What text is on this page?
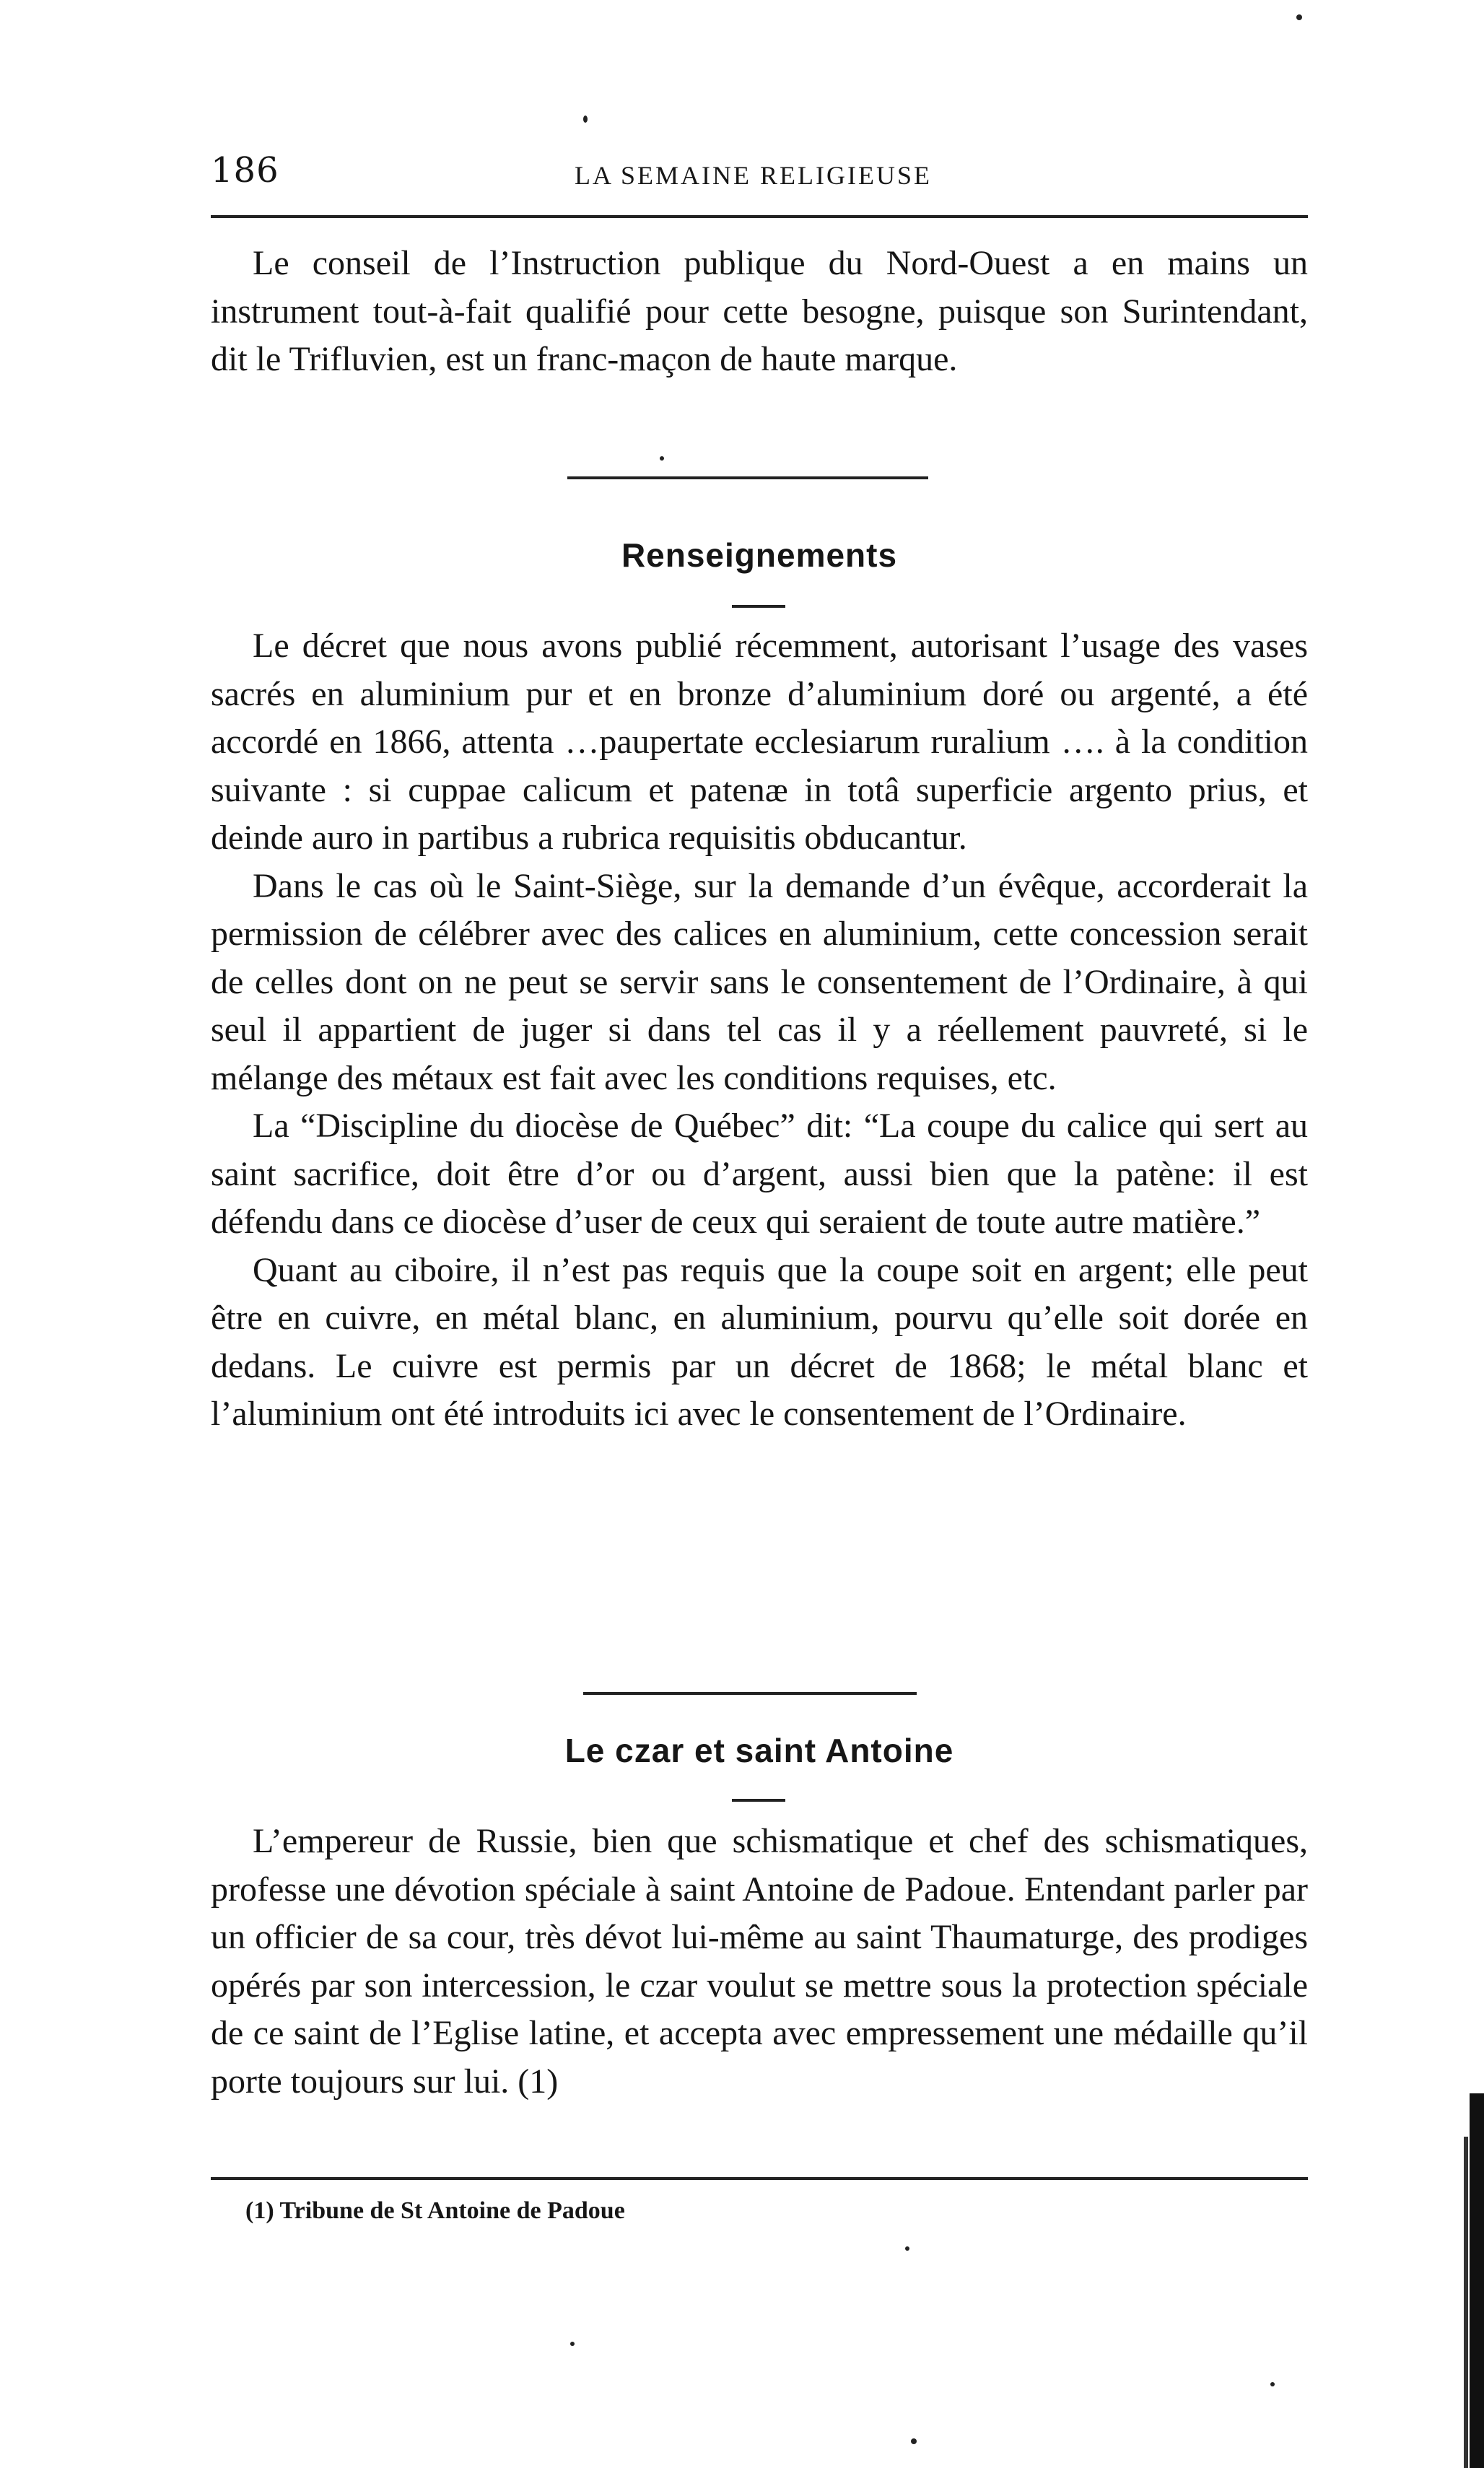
186	LA SEMAINE RELIGIEUSE

Le conseil de l’Instruction publique du Nord-Ouest a en mains un instrument tout-à-fait qualifié pour cette besogne, puisque son Surintendant, dit le Trifluvien, est un franc-maçon de haute marque.

Renseignements

Le décret que nous avons publié récemment, autorisant l’usage des vases sacrés en aluminium pur et en bronze d’aluminium doré ou argenté, a été accordé en 1866, attenta …paupertate ecclesiarum ruralium …. à la condition suivante : si cuppae calicum et patenæ in totâ superficie argento prius, et deinde auro in partibus a rubrica requisitis obducantur.

Dans le cas où le Saint-Siège, sur la demande d’un évêque, accorderait la permission de célébrer avec des calices en aluminium, cette concession serait de celles dont on ne peut se servir sans le consentement de l’Ordinaire, à qui seul il appartient de juger si dans tel cas il y a réellement pauvreté, si le mélange des métaux est fait avec les conditions requises, etc.

La “Discipline du diocèse de Québec” dit: “La coupe du calice qui sert au saint sacrifice, doit être d’or ou d’argent, aussi bien que la patène: il est défendu dans ce diocèse d’user de ceux qui seraient de toute autre matière.”

Quant au ciboire, il n’est pas requis que la coupe soit en argent; elle peut être en cuivre, en métal blanc, en aluminium, pourvu qu’elle soit dorée en dedans. Le cuivre est permis par un décret de 1868; le métal blanc et l’aluminium ont été introduits ici avec le consentement de l’Ordinaire.

Le czar et saint Antoine

L’empereur de Russie, bien que schismatique et chef des schismatiques, professe une dévotion spéciale à saint Antoine de Padoue. Entendant parler par un officier de sa cour, très dévot lui-même au saint Thaumaturge, des prodiges opérés par son intercession, le czar voulut se mettre sous la protection spéciale de ce saint de l’Eglise latine, et accepta avec empressement une médaille qu’il porte toujours sur lui. (1)

(1) Tribune de St Antoine de Padoue
